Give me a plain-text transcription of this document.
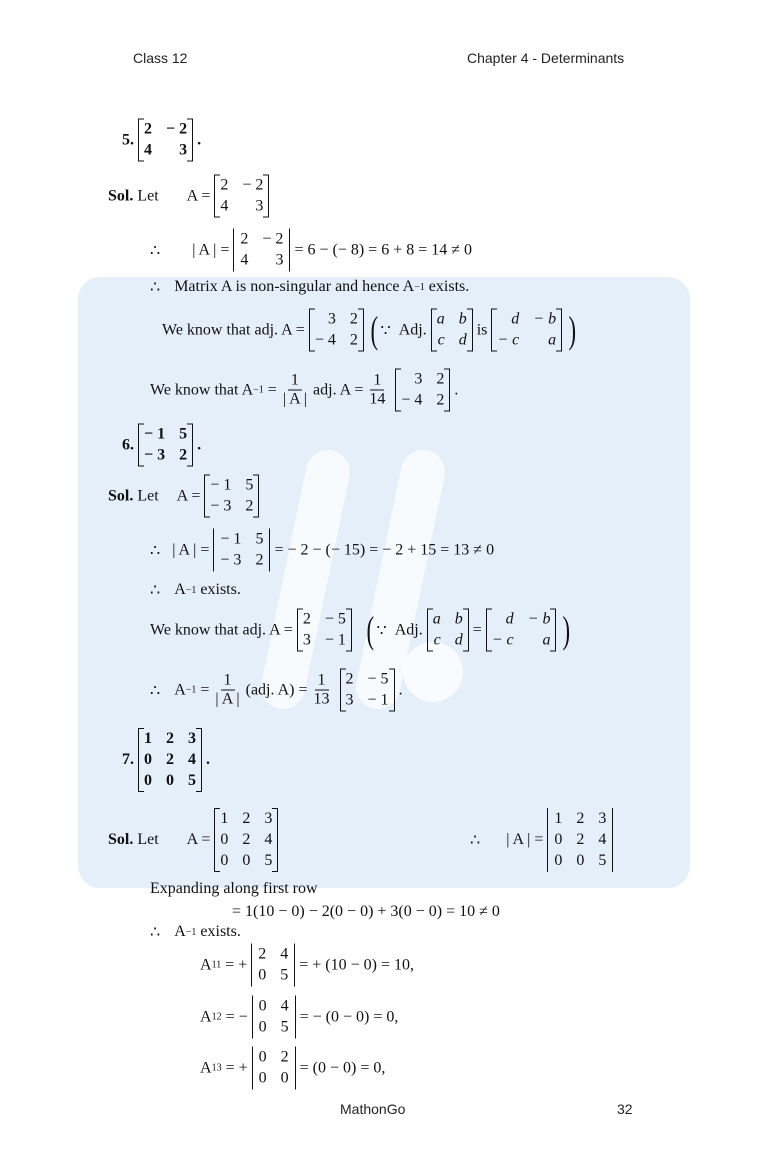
Class 12	Chapter 4 - Determinants
5.
2 − 2
4	3
.
Sol.
Let A =
2 − 2
4	3
∴ | A | =
2 − 2
4	3
= 6 − (− 8) = 6 + 8 = 14 ≠ 0
∴ Matrix A is non-singular and hence A −1 exists.
We know that adj. A =
3 2
− 4 2 ( ∵
Adj.
a b
c d
is
d − b
− c	a )
We know that A −1
= $\frac{1}{| A |}$ adj. $A = \frac{1}{14}$	3 2
− 4 2
.
6.
− 1 5
− 3 2
.
Sol.
Let A =
− 1 5
− 3 2
∴ | A | =
− 1 5
− 3 2
= − 2 − (− 15) = − 2 + 15 = 13 ≠ 0
∴ A −1 exists.
We know that adj. A =
2 − 5
3 − 1 ( ∵
Adj.
a b
c d
=
d − b
− c	a )
∴ A −1
= $\frac{1}{| A |} (adj$. $A) = \frac{1}{13} 2 - 5$
3 − 1
.
7.
1 2 3
0 2 4
0 0 5
.
Sol.
Let A =
1 2 3
0 2 4
0 0 5
∴ | A | =
1 2 3
0 2 4
0 0 5
Expanding along first row
= 1(10 − 0) − 2(0 − 0) + 3(0 − 0) = 10 ≠ 0
∴ A −1 exists.
A 11
= +
2 4
0 5
= + (10 − 0) = 10,
A 12
= −
0 4
0 5
= − (0 − 0) = 0,
A 13
= +
0 2
0 0
= (0 − 0) = 0,
MathonGo	32
